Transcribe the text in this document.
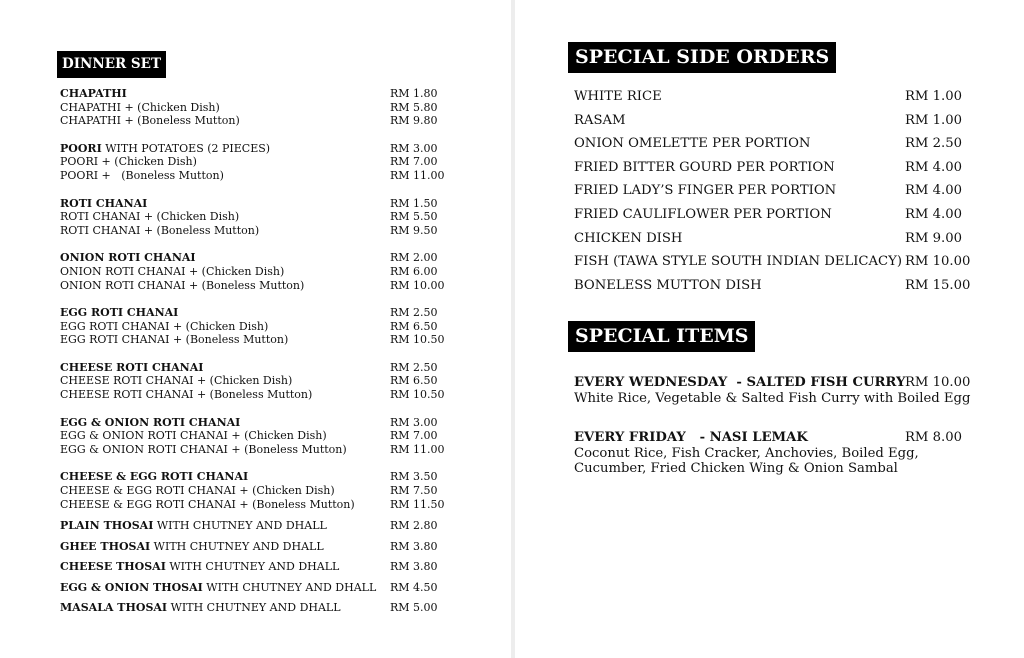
DINNER SET
CHAPATHI	RM 1.80
CHAPATHI + (Chicken Dish)	RM 5.80
CHAPATHI + (Boneless Mutton)	RM 9.80
POORI WITH POTATOES (2 PIECES)	RM 3.00
POORI + (Chicken Dish)	RM 7.00
POORI +   (Boneless Mutton)	RM 11.00
ROTI CHANAI	RM 1.50
ROTI CHANAI + (Chicken Dish)	RM 5.50
ROTI CHANAI + (Boneless Mutton)	RM 9.50
ONION ROTI CHANAI	RM 2.00
ONION ROTI CHANAI + (Chicken Dish)	RM 6.00
ONION ROTI CHANAI + (Boneless Mutton)	RM 10.00
EGG ROTI CHANAI	RM 2.50
EGG ROTI CHANAI + (Chicken Dish)	RM 6.50
EGG ROTI CHANAI + (Boneless Mutton)	RM 10.50
CHEESE ROTI CHANAI	RM 2.50
CHEESE ROTI CHANAI + (Chicken Dish)	RM 6.50
CHEESE ROTI CHANAI + (Boneless Mutton)	RM 10.50
EGG & ONION ROTI CHANAI	RM 3.00
EGG & ONION ROTI CHANAI + (Chicken Dish)	RM 7.00
EGG & ONION ROTI CHANAI + (Boneless Mutton)	RM 11.00
CHEESE & EGG ROTI CHANAI	RM 3.50
CHEESE & EGG ROTI CHANAI + (Chicken Dish)	RM 7.50
CHEESE & EGG ROTI CHANAI + (Boneless Mutton)	RM 11.50
PLAIN THOSAI WITH CHUTNEY AND DHALL	RM 2.80
GHEE THOSAI WITH CHUTNEY AND DHALL	RM 3.80
CHEESE THOSAI WITH CHUTNEY AND DHALL	RM 3.80
EGG & ONION THOSAI WITH CHUTNEY AND DHALL	RM 4.50
MASALA THOSAI WITH CHUTNEY AND DHALL	RM 5.00
SPECIAL SIDE ORDERS
SPECIAL ITEMS
WHITE RICE	RM 1.00
RASAM	RM 1.00
ONION OMELETTE PER PORTION	RM 2.50
FRIED BITTER GOURD PER PORTION	RM 4.00
FRIED LADY’S FINGER PER PORTION	RM 4.00
FRIED CAULIFLOWER PER PORTION	RM 4.00
CHICKEN DISH	RM 9.00
FISH (TAWA STYLE SOUTH INDIAN DELICACY) RM 10.00
BONELESS MUTTON DISH	RM 15.00
EVERY WEDNESDAY  - SALTED FISH CURRY RM 10.00
White Rice, Vegetable & Salted Fish Curry with Boiled Egg
EVERY FRIDAY   - NASI LEMAK	RM 8.00
Coconut Rice, Fish Cracker, Anchovies, Boiled Egg,
Cucumber, Fried Chicken Wing & Onion Sambal
